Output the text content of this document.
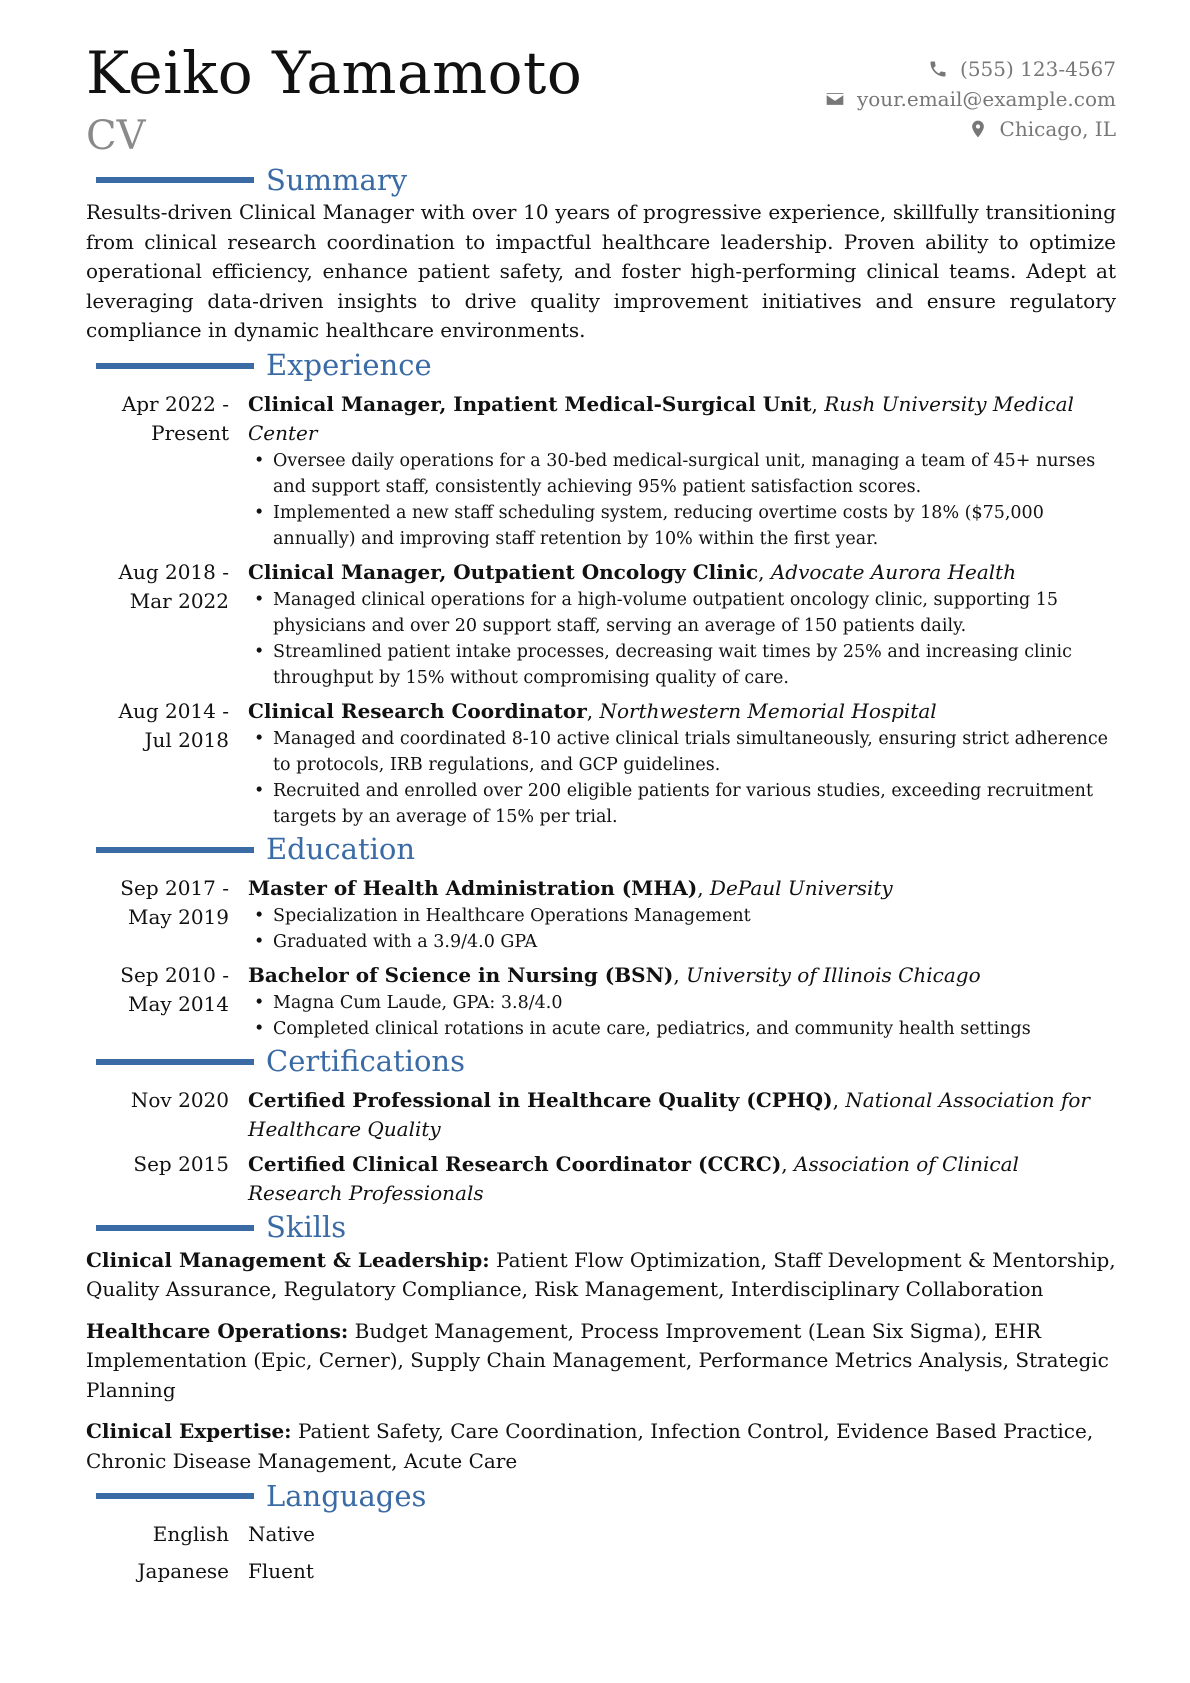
Keiko Yamamoto
CV
(555) 123-4567
your.email@example.com
Chicago, IL
Summary
Results-driven Clinical Manager with over 10 years of progressive experience, skillfully transitioning from clinical research coordination to impactful healthcare leadership. Proven ability to optimize operational efficiency, enhance patient safety, and foster high-performing clinical teams. Adept at leveraging data-driven insights to drive quality improvement initiatives and ensure regulatory compliance in dynamic healthcare environments.
Experience
Apr 2022 - Present
Clinical Manager, Inpatient Medical-Surgical Unit, Rush University Medical Center
• Oversee daily operations for a 30-bed medical-surgical unit, managing a team of 45+ nurses and support staff, consistently achieving 95% patient satisfaction scores.
• Implemented a new staff scheduling system, reducing overtime costs by 18% ($75,000 annually) and improving staff retention by 10% within the first year.
Aug 2018 - Mar 2022
Clinical Manager, Outpatient Oncology Clinic, Advocate Aurora Health
• Managed clinical operations for a high-volume outpatient oncology clinic, supporting 15 physicians and over 20 support staff, serving an average of 150 patients daily.
• Streamlined patient intake processes, decreasing wait times by 25% and increasing clinic throughput by 15% without compromising quality of care.
Aug 2014 - Jul 2018
Clinical Research Coordinator, Northwestern Memorial Hospital
• Managed and coordinated 8-10 active clinical trials simultaneously, ensuring strict adherence to protocols, IRB regulations, and GCP guidelines.
• Recruited and enrolled over 200 eligible patients for various studies, exceeding recruitment targets by an average of 15% per trial.
Education
Sep 2017 - May 2019
Master of Health Administration (MHA), DePaul University
• Specialization in Healthcare Operations Management
• Graduated with a 3.9/4.0 GPA
Sep 2010 - May 2014
Bachelor of Science in Nursing (BSN), University of Illinois Chicago
• Magna Cum Laude, GPA: 3.8/4.0
• Completed clinical rotations in acute care, pediatrics, and community health settings
Certifications
Nov 2020 Certified Professional in Healthcare Quality (CPHQ), National Association for Healthcare Quality
Sep 2015 Certified Clinical Research Coordinator (CCRC), Association of Clinical Research Professionals
Skills

Clinical Management & Leadership: Patient Flow Optimization, Staff Development & Mentorship, Quality Assurance, Regulatory Compliance, Risk Management, Interdisciplinary Collaboration

Healthcare Operations: Budget Management, Process Improvement (Lean Six Sigma), EHR Implementation (Epic, Cerner), Supply Chain Management, Performance Metrics Analysis, Strategic Planning

Clinical Expertise: Patient Safety, Care Coordination, Infection Control, Evidence Based Practice, Chronic Disease Management, Acute Care

Languages
English Native
Japanese Fluent
